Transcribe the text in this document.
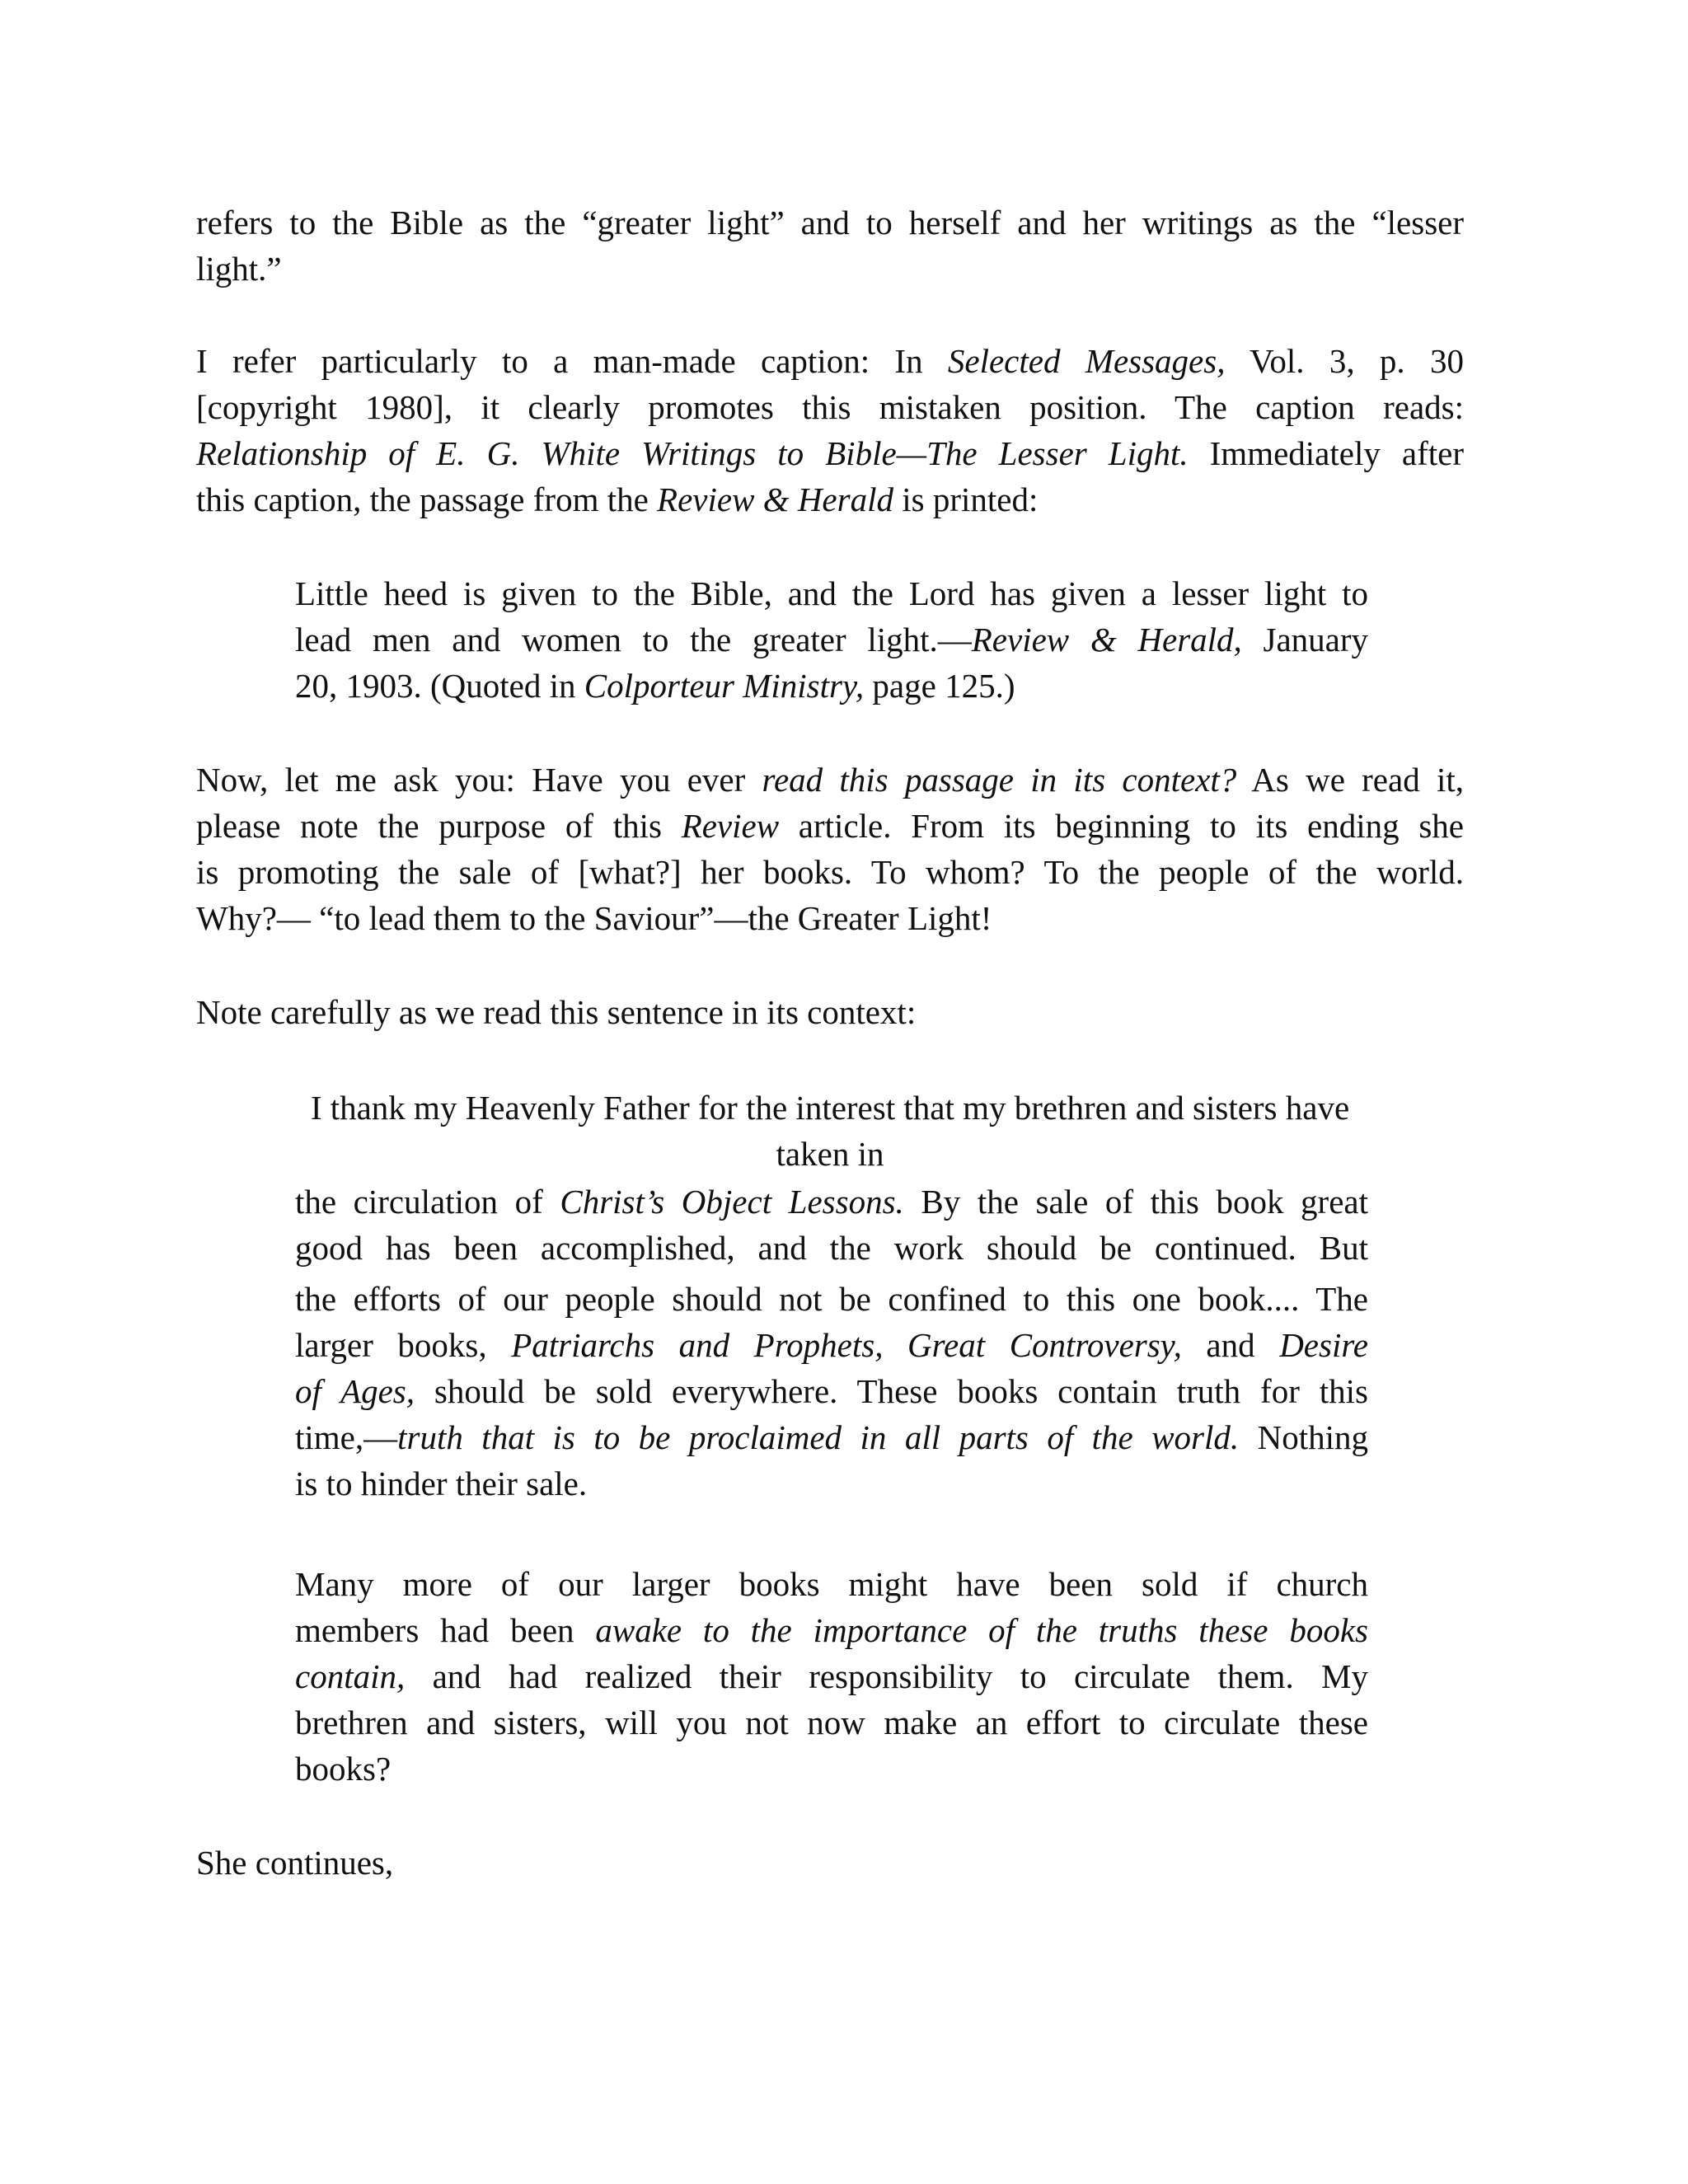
refers to the Bible as the “greater light” and to herself and her writings as the “lesser
light.”
I refer particularly to a man-made caption: In Selected Messages, Vol. 3, p. 30
[copyright 1980], it clearly promotes this mistaken position. The caption reads:
Relationship of E. G. White Writings to Bible—The Lesser Light. Immediately after
this caption, the passage from the Review & Herald is printed:
Little heed is given to the Bible, and the Lord has given a lesser light to
lead men and women to the greater light.—Review & Herald, January
20, 1903. (Quoted in Colporteur Ministry, page 125.)
Now, let me ask you: Have you ever read this passage in its context? As we read it,
please note the purpose of this Review article. From its beginning to its ending she
is promoting the sale of [what?] her books. To whom? To the people of the world.
Why?— “to lead them to the Saviour”—the Greater Light!
Note carefully as we read this sentence in its context:
I thank my Heavenly Father for the interest that my brethren and sisters have
taken in
the circulation of Christ’s Object Lessons. By the sale of this book great
good has been accomplished, and the work should be continued. But
the efforts of our people should not be confined to this one book.... The
larger books, Patriarchs and Prophets, Great Controversy, and Desire
of Ages, should be sold everywhere. These books contain truth for this
time,—truth that is to be proclaimed in all parts of the world. Nothing
is to hinder their sale.
Many more of our larger books might have been sold if church
members had been awake to the importance of the truths these books
contain, and had realized their responsibility to circulate them. My
brethren and sisters, will you not now make an effort to circulate these
books?
She continues,
